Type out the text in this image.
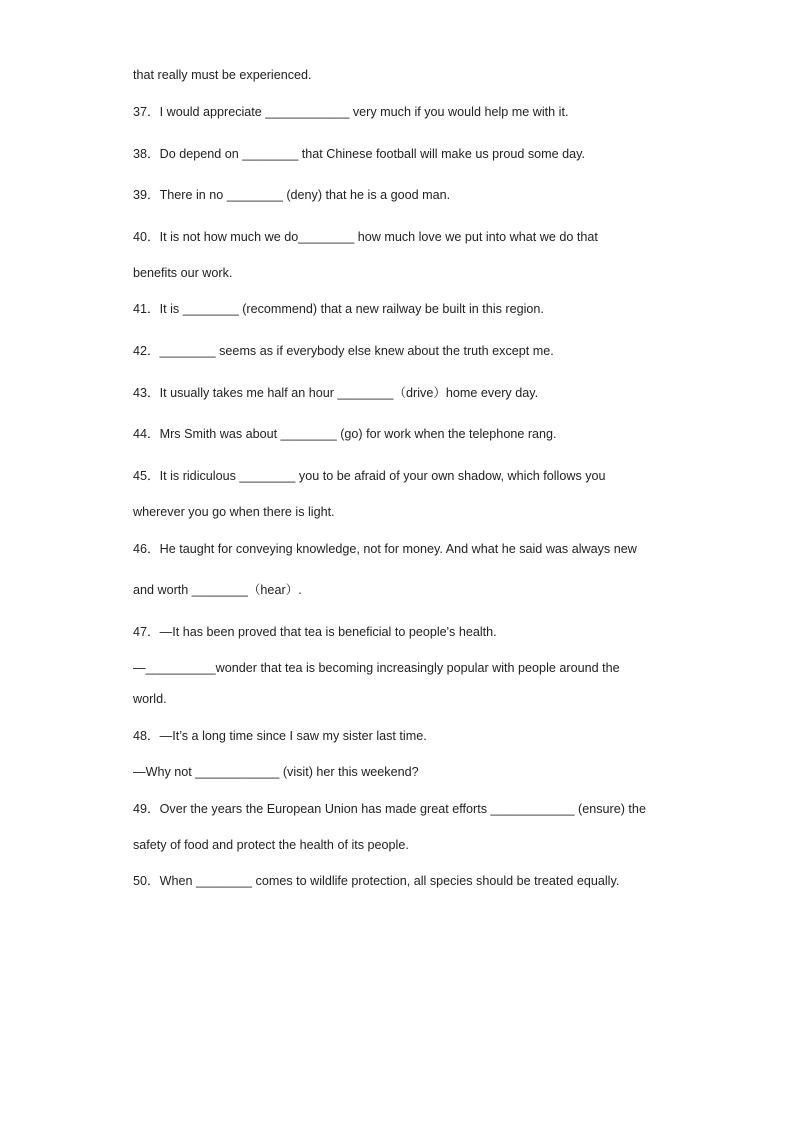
that really must be experienced.
37．I would appreciate ____________ very much if you would help me with it.
38．Do depend on ________ that Chinese football will make us proud some day.
39．There in no ________ (deny) that he is a good man.
40．It is not how much we do________ how much love we put into what we do that
benefits our work.
41．It is ________ (recommend) that a new railway be built in this region.
42．________ seems as if everybody else knew about the truth except me.
43．It usually takes me half an hour ________（drive）home every day.
44．Mrs Smith was about ________ (go) for work when the telephone rang.
45．It is ridiculous ________ you to be afraid of your own shadow, which follows you
wherever you go when there is light.
46．He taught for conveying knowledge, not for money. And what he said was always new
and worth ________（hear）.
47．—It has been proved that tea is beneficial to people's health.
—__________wonder that tea is becoming increasingly popular with people around the
world.
48．—It’s a long time since I saw my sister last time.
—Why not ____________ (visit) her this weekend?
49．Over the years the European Union has made great efforts ____________ (ensure) the
safety of food and protect the health of its people.
50．When ________ comes to wildlife protection, all species should be treated equally.
